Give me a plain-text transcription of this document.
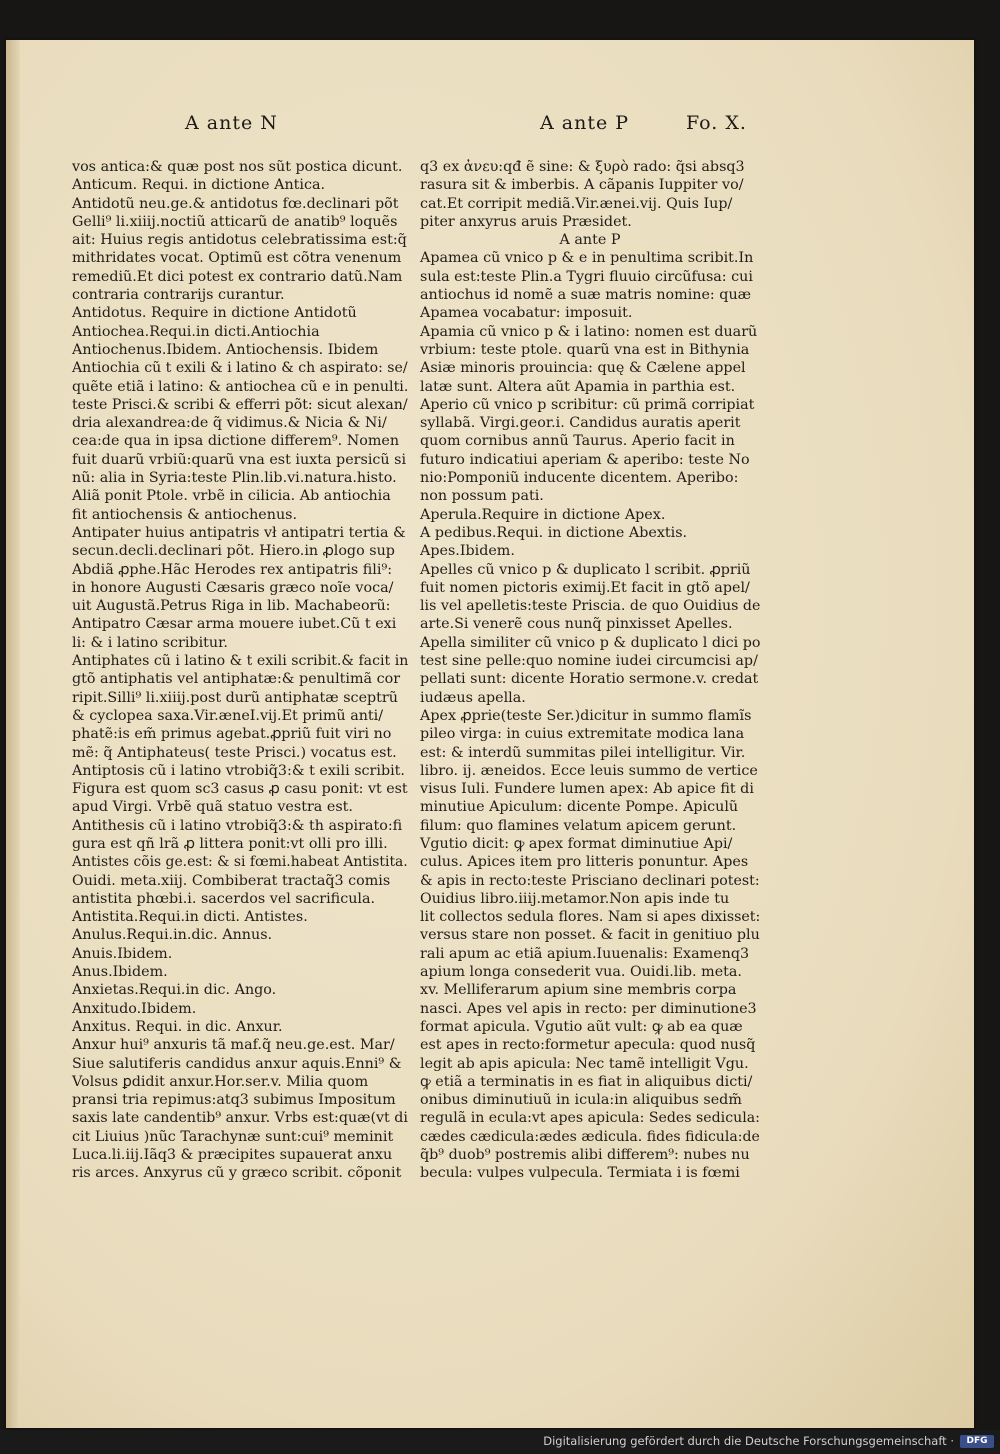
A ante N	A ante P	Fo. X.
vos antica:& quæ post nos sũt postica dicunt.
Anticum. Requi. in dictione Antica.
Antidotũ neu.ge.& antidotus fœ.declinari põt
Gelli⁹ li.xiiij.noctiũ atticarũ de anatib⁹ loquẽs
ait: Huius regis antidotus celebratissima est:q̃
mithridates vocat. Optimũ est cõtra venenum
remediũ.Et dici potest ex contrario datũ.Nam
contraria contrarijs curantur.
Antidotus. Require in dictione Antidotũ
Antiochea.Requi.in dicti.Antiochia
Antiochenus.Ibidem. Antiochensis. Ibidem
Antiochia cũ t exili & i latino & ch aspirato: se/
quẽte etiã i latino: & antiochea cũ e in penulti.
teste Prisci.& scribi & efferri põt: sicut alexan/
dria alexandrea:de q̃ vidimus.& Nicia & Ni/
cea:de qua in ipsa dictione differem⁹. Nomen
fuit duarũ vrbiũ:quarũ vna est iuxta persicũ si
nũ: alia in Syria:teste Plin.lib.vi.natura.histo.
Aliã ponit Ptole. vrbẽ in cilicia. Ab antiochia
fit antiochensis & antiochenus.
Antipater huius antipatris vł antipatri tertia &
secun.decli.declinari põt. Hiero.in ꝓlogo sup
Abdiã ꝓphe.Hãc Herodes rex antipatris fili⁹:
in honore Augusti Cæsaris græco noĩe voca/
uit Augustã.Petrus Riga in lib. Machabeorũ:
Antipatro Cæsar arma mouere iubet.Cũ t exi
li: & i latino scribitur.
Antiphates cũ i latino & t exili scribit.& facit in
gtõ antiphatis vel antiphatæ:& penultimã cor
ripit.Silli⁹ li.xiiij.post durũ antiphatæ sceptrũ
& cyclopea saxa.Vir.æneI.vij.Et primũ anti/
phatẽ:is em̃ primus agebat.ꝓpriũ fuit viri no
mẽ: q̃ Antiphateus( teste Prisci.) vocatus est.
Antiptosis cũ i latino vtrobiq̃3:& t exili scribit.
Figura est quom sc3 casus ꝓ casu ponit: vt est
apud Virgi. Vrbẽ quã statuo vestra est.
Antithesis cũ i latino vtrobiq̃3:& th aspirato:fi
gura est qñ lrã ꝓ littera ponit:vt olli pro illi.
Antistes cõis ge.est: & si fœmi.habeat Antistita.
Ouidi. meta.xiij. Combiberat tractaq̃3 comis
antistita phœbi.i. sacerdos vel sacrificula.
Antistita.Requi.in dicti. Antistes.
Anulus.Requi.in.dic. Annus.
Anuis.Ibidem.
Anus.Ibidem.
Anxietas.Requi.in dic. Ango.
Anxitudo.Ibidem.
Anxitus. Requi. in dic. Anxur.
Anxur hui⁹ anxuris tã maf.q̃ neu.ge.est. Mar/
Siue salutiferis candidus anxur aquis.Enni⁹ &
Volsus ꝑdidit anxur.Hor.ser.v. Milia quom
pransi tria repimus:atq3 subimus Impositum
saxis late candentib⁹ anxur. Vrbs est:quæ(vt di
cit Liuius )nũc Tarachynæ sunt:cui⁹ meminit
Luca.li.iij.Iãq3 & præcipites supauerat anxu
ris arces. Anxyrus cũ y græco scribit. cõponit
q3 ex ἀνευ:qđ ẽ sine: & ξυρὸ rado: q̃si absq3
rasura sit & imberbis. A cãpanis Iuppiter vo/
cat.Et corripit mediã.Vir.ænei.vij. Quis Iup/
piter anxyrus aruis Præsidet.
A ante P
Apamea cũ vnico p & e in penultima scribit.In
sula est:teste Plin.a Tygri fluuio circũfusa: cui
antiochus id nomẽ a suæ matris nomine: quæ
Apamea vocabatur: imposuit.
Apamia cũ vnico p & i latino: nomen est duarũ
vrbium: teste ptole. quarũ vna est in Bithynia
Asiæ minoris prouincia: quę & Cælene appel
latæ sunt. Altera aũt Apamia in parthia est.
Aperio cũ vnico p scribitur: cũ primã corripiat
syllabã. Virgi.geor.i. Candidus auratis aperit
quom cornibus annũ Taurus. Aperio facit in
futuro indicatiui aperiam & aperibo: teste No
nio:Pomponiũ inducente dicentem. Aperibo:
non possum pati.
Aperula.Require in dictione Apex.
A pedibus.Requi. in dictione Abextis.
Apes.Ibidem.
Apelles cũ vnico p & duplicato l scribit. ꝓpriũ
fuit nomen pictoris eximij.Et facit in gtõ apel/
lis vel apelletis:teste Priscia. de quo Ouidius de
arte.Si venerẽ cous nunq̃ pinxisset Apelles.
Apella similiter cũ vnico p & duplicato l dici po
test sine pelle:quo nomine iudei circumcisi ap/
pellati sunt: dicente Horatio sermone.v. credat
iudæus apella.
Apex ꝓprie(teste Ser.)dicitur in summo flamĩs
pileo virga: in cuius extremitate modica lana
est: & interdũ summitas pilei intelligitur. Vir.
libro. ij. æneidos. Ecce leuis summo de vertice
visus Iuli. Fundere lumen apex: Ab apice fit di
minutiue Apiculum: dicente Pompe. Apiculũ
filum: quo flamines velatum apicem gerunt.
Vgutio dicit: ꝙ apex format diminutiue Api/
culus. Apices item pro litteris ponuntur. Apes
& apis in recto:teste Prisciano declinari potest:
Ouidius libro.iiij.metamor.Non apis inde tu
lit collectos sedula flores. Nam si apes dixisset:
versus stare non posset. & facit in genitiuo plu
rali apum ac etiã apium.Iuuenalis: Examenq3
apium longa consederit vua. Ouidi.lib. meta.
xv. Melliferarum apium sine membris corpa
nasci. Apes vel apis in recto: per diminutione3
format apicula. Vgutio aũt vult: ꝙ ab ea quæ
est apes in recto:formetur apecula: quod nusq̃
legit ab apis apicula: Nec tamẽ intelligit Vgu.
ꝙ etiã a terminatis in es fiat in aliquibus dicti/
onibus diminutiuũ in icula:in aliquibus sedm̃
regulã in ecula:vt apes apicula: Sedes sedicula:
cædes cædicula:ædes ædicula. fides fidicula:de
q̃b⁹ duob⁹ postremis alibi differem⁹: nubes nu
becula: vulpes vulpecula. Termiata i is fœmi
Digitalisierung gefördert durch die Deutsche Forschungsgemeinschaft ·	DFG
